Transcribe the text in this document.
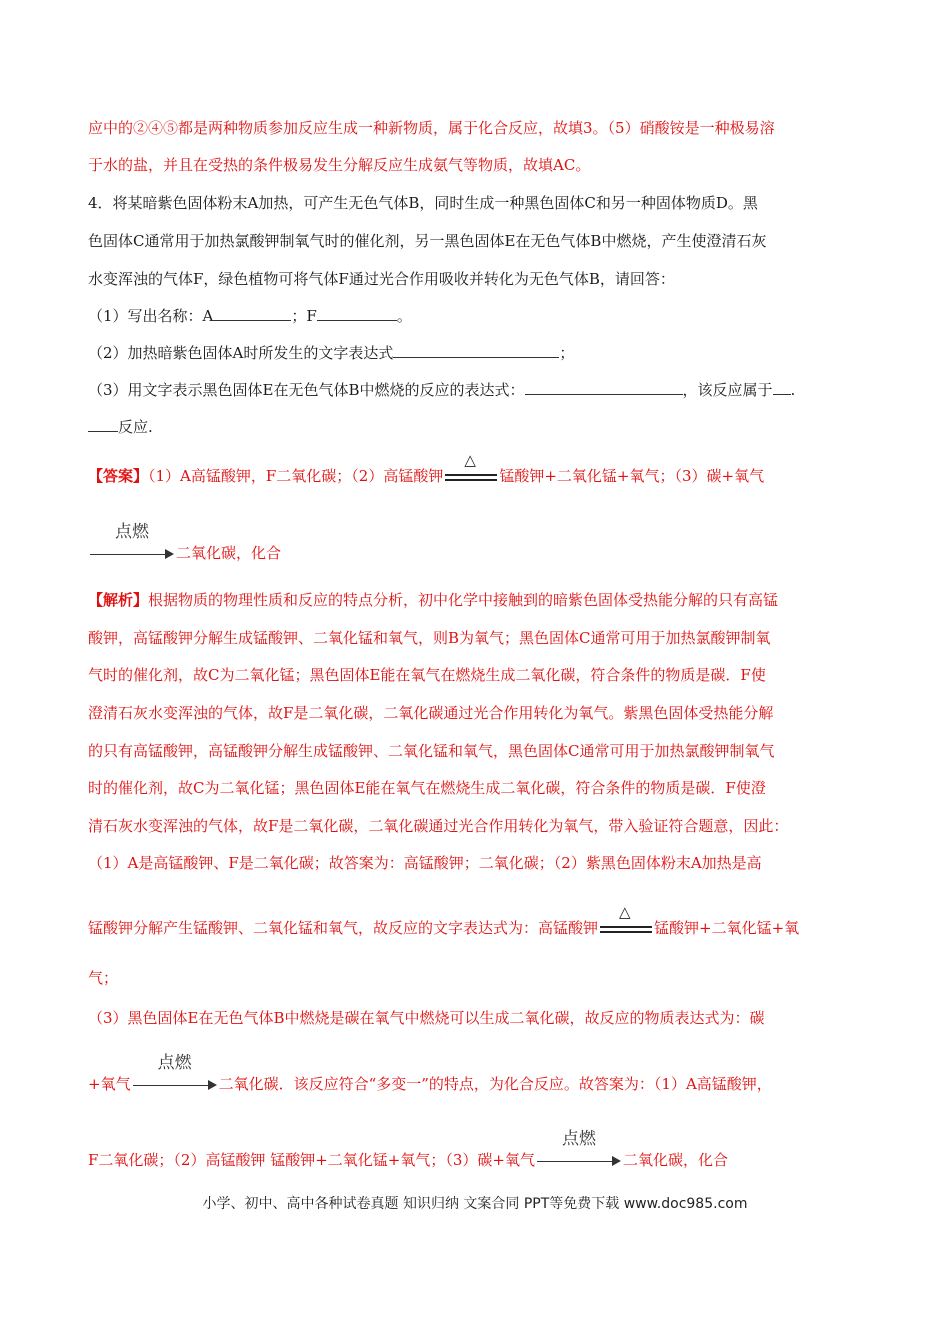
应中的②④⑤都是两种物质参加反应生成一种新物质，属于化合反应，故填3。（5）硝酸铵是一种极易溶
于水的盐，并且在受热的条件极易发生分解反应生成氨气等物质，故填AC。
4．将某暗紫色固体粉末A加热，可产生无色气体B，同时生成一种黑色固体C和另一种固体物质D。黑
色固体C通常用于加热氯酸钾制氧气时的催化剂，另一黑色固体E在无色气体B中燃烧，产生使澄清石灰
水变浑浊的气体F，绿色植物可将气体F通过光合作用吸收并转化为无色气体B，请回答：
（1）写出名称：A	；F	。
（2）加热暗紫色固体A时所发生的文字表达式	；
（3）用文字表示黑色固体E在无色气体B中燃烧的反应的表达式：	，该反应属于 .
反应.
【答案】（1）A高锰酸钾，F二氧化碳；（2）高锰酸钾
△
锰酸钾+二氧化锰+氧气；（3）碳+氧气
点燃
二氧化碳，化合
【解析】根据物质的物理性质和反应的特点分析，初中化学中接触到的暗紫色固体受热能分解的只有高锰
酸钾，高锰酸钾分解生成锰酸钾、二氧化锰和氧气，则B为氧气；黑色固体C通常可用于加热氯酸钾制氧
气时的催化剂，故C为二氧化锰；黑色固体E能在氧气在燃烧生成二氧化碳，符合条件的物质是碳．F使
澄清石灰水变浑浊的气体，故F是二氧化碳，二氧化碳通过光合作用转化为氧气。紫黑色固体受热能分解
的只有高锰酸钾，高锰酸钾分解生成锰酸钾、二氧化锰和氧气，黑色固体C通常可用于加热氯酸钾制氧气
时的催化剂，故C为二氧化锰；黑色固体E能在氧气在燃烧生成二氧化碳，符合条件的物质是碳．F使澄
清石灰水变浑浊的气体，故F是二氧化碳，二氧化碳通过光合作用转化为氧气，带入验证符合题意，因此：
（1）A是高锰酸钾、F是二氧化碳；故答案为：高锰酸钾；二氧化碳；（2）紫黑色固体粉末A加热是高
锰酸钾分解产生锰酸钾、二氧化锰和氧气，故反应的文字表达式为：高锰酸钾
△
锰酸钾+二氧化锰+氧
气；
（3）黑色固体E在无色气体B中燃烧是碳在氧气中燃烧可以生成二氧化碳，故反应的物质表达式为：碳
+氧气
点燃
二氧化碳．该反应符合“多变一”的特点，为化合反应。故答案为：（1）A高锰酸钾，
F二氧化碳；（2）高锰酸钾 锰酸钾+二氧化锰+氧气；（3）碳+氧气
点燃
二氧化碳，化合
小学、初中、高中各种试卷真题 知识归纳 文案合同 PPT等免费下载 www.doc985.com
